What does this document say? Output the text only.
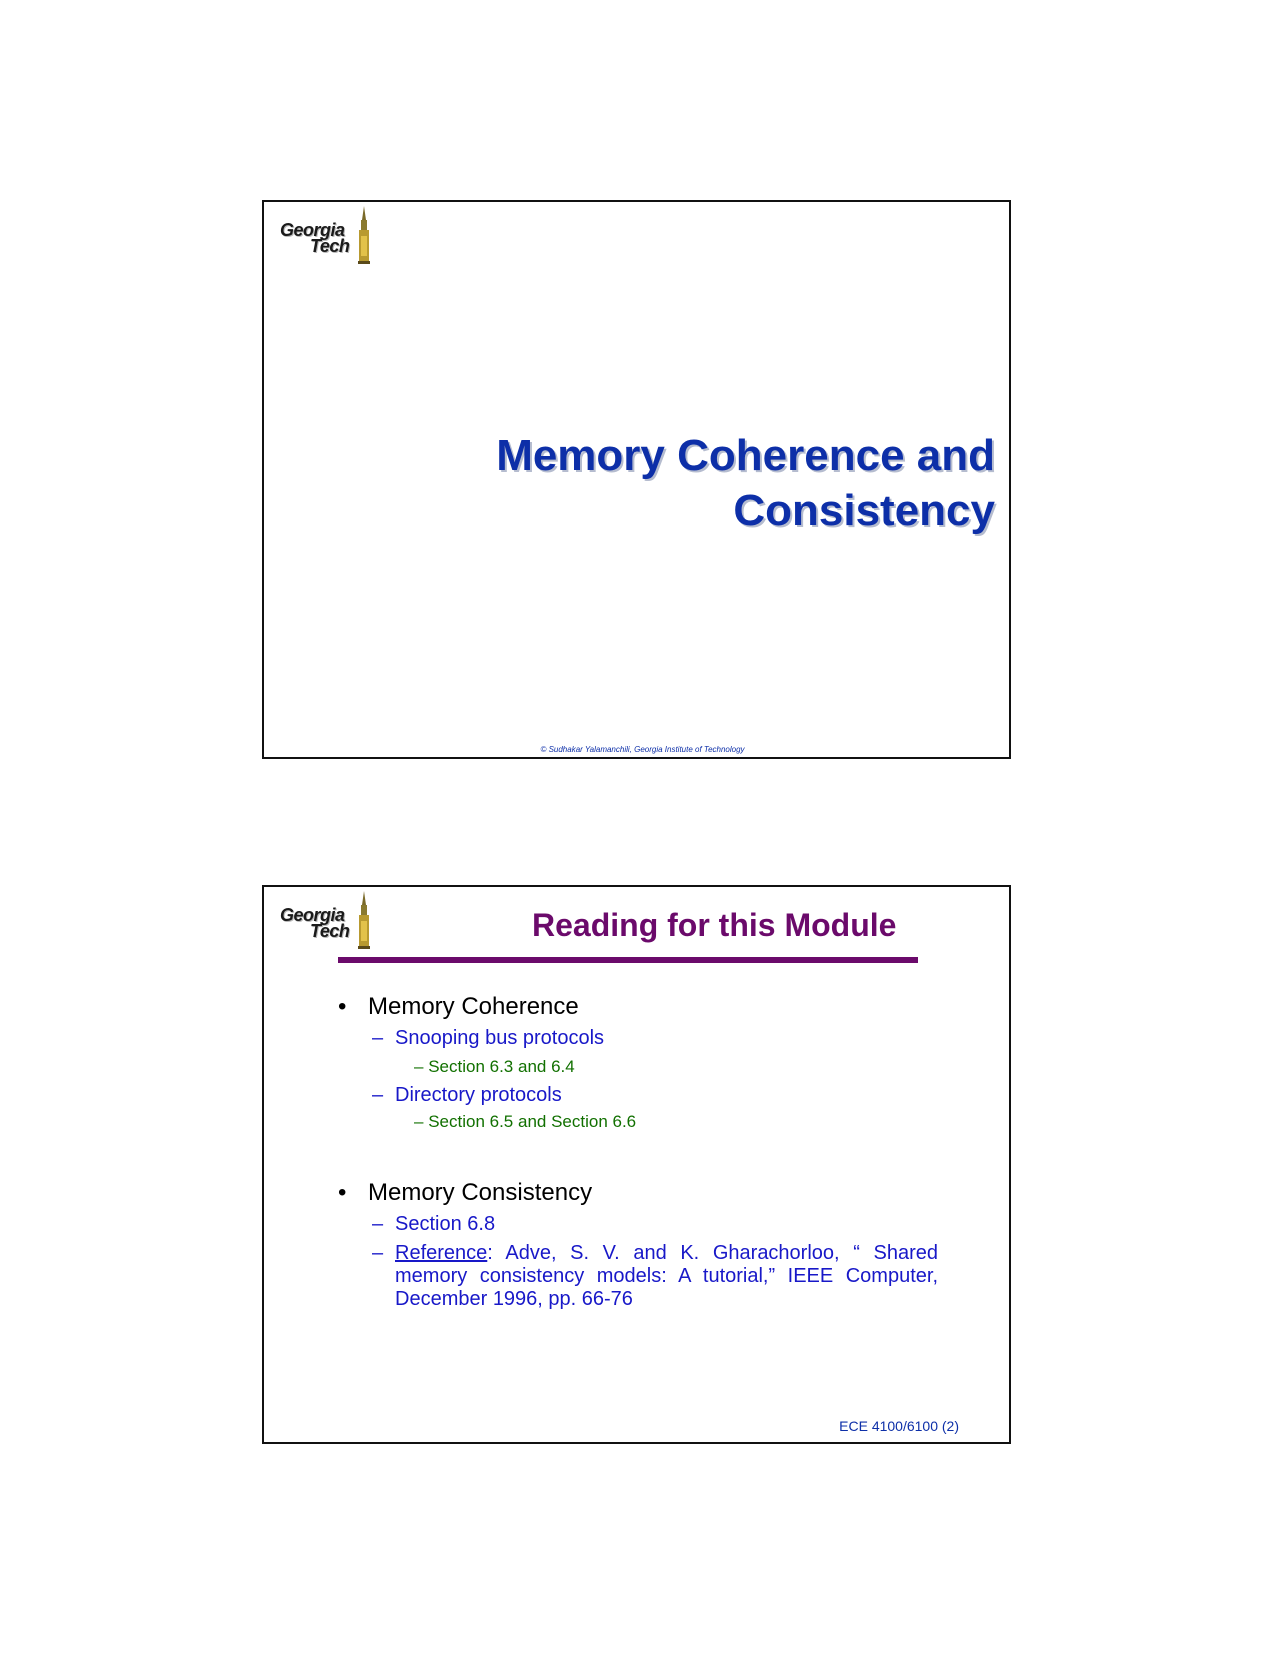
Georgia
Tech
Memory Coherence and
Consistency
© Sudhakar Yalamanchili, Georgia Institute of Technology
Georgia
Tech	Reading for this Module
• Memory Coherence
– Snooping bus protocols
– Section 6.3 and 6.4
– Directory protocols
– Section 6.5 and Section 6.6
• Memory Consistency
– Section 6.8
– Reference: Adve, S. V. and K. Gharachorloo, “ Shared memory consistency models: A tutorial,” IEEE Computer, December 1996, pp. 66-76
ECE 4100/6100 (2)
